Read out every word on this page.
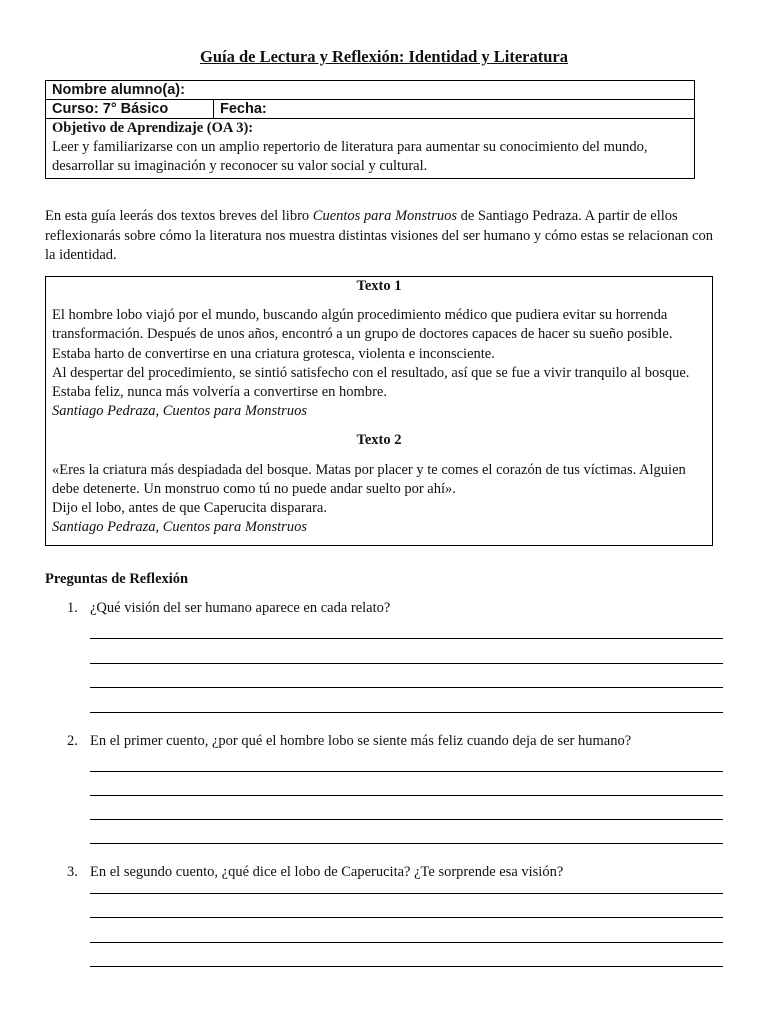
Guía de Lectura y Reflexión: Identidad y Literatura
Nombre alumno(a):
Curso: 7° Básico	Fecha:

Objetivo de Aprendizaje (OA 3):
Leer y familiarizarse con un amplio repertorio de literatura para aumentar su conocimiento del mundo,
desarrollar su imaginación y reconocer su valor social y cultural.

En esta guía leerás dos textos breves del libro Cuentos para Monstruos de Santiago Pedraza. A partir de ellos reflexionarás sobre cómo la literatura nos muestra distintas visiones del ser humano y cómo estas se relacionan con la identidad.

Texto 1

El hombre lobo viajó por el mundo, buscando algún procedimiento médico que pudiera evitar su horrenda transformación. Después de unos años, encontró a un grupo de doctores capaces de hacer su sueño posible.

Estaba harto de convertirse en una criatura grotesca, violenta e inconsciente.

Al despertar del procedimiento, se sintió satisfecho con el resultado, así que se fue a vivir tranquilo al bosque.

Estaba feliz, nunca más volvería a convertirse en hombre.

Santiago Pedraza, Cuentos para Monstruos

Texto 2

«Eres la criatura más despiadada del bosque. Matas por placer y te comes el corazón de tus víctimas. Alguien debe detenerte. Un monstruo como tú no puede andar suelto por ahí».

Dijo el lobo, antes de que Caperucita disparara.

Santiago Pedraza, Cuentos para Monstruos

Preguntas de Reflexión
1. ¿Qué visión del ser humano aparece en cada relato?
2. En el primer cuento, ¿por qué el hombre lobo se siente más feliz cuando deja de ser humano?
3. En el segundo cuento, ¿qué dice el lobo de Caperucita? ¿Te sorprende esa visión?
